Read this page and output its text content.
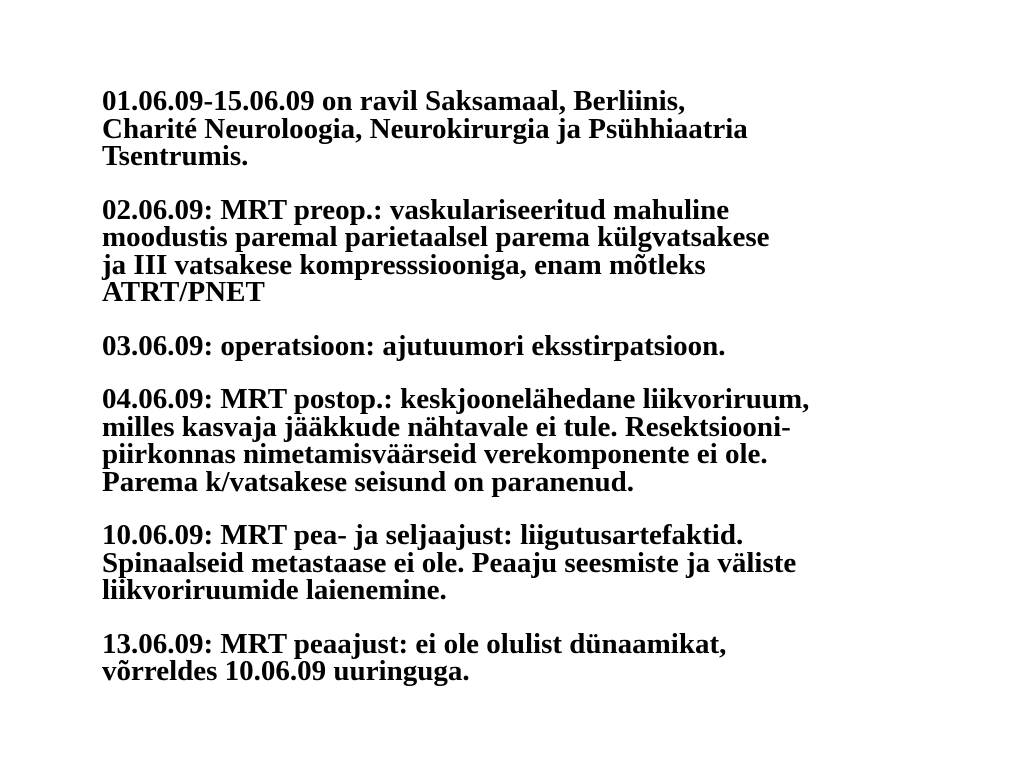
01.06.09-15.06.09 on ravil Saksamaal, Berliinis,
Charité Neuroloogia, Neurokirurgia ja Psühhiaatria
Tsentrumis.

02.06.09: MRT preop.: vaskulariseeritud mahuline
moodustis paremal parietaalsel parema külgvatsakese
ja III vatsakese kompresssiooniga, enam mõtleks
ATRT/PNET

03.06.09: operatsioon: ajutuumori eksstirpatsioon.

04.06.09: MRT postop.: keskjoonelähedane liikvoriruum,
milles kasvaja jääkkude nähtavale ei tule. Resektsiooni-
piirkonnas nimetamisväärseid verekomponente ei ole.
Parema k/vatsakese seisund on paranenud.

10.06.09: MRT pea- ja seljaajust: liigutusartefaktid.
Spinaalseid metastaase ei ole. Peaaju seesmiste ja väliste
liikvoriruumide laienemine.

13.06.09: MRT peaajust: ei ole olulist dünaamikat,
võrreldes 10.06.09 uuringuga.
